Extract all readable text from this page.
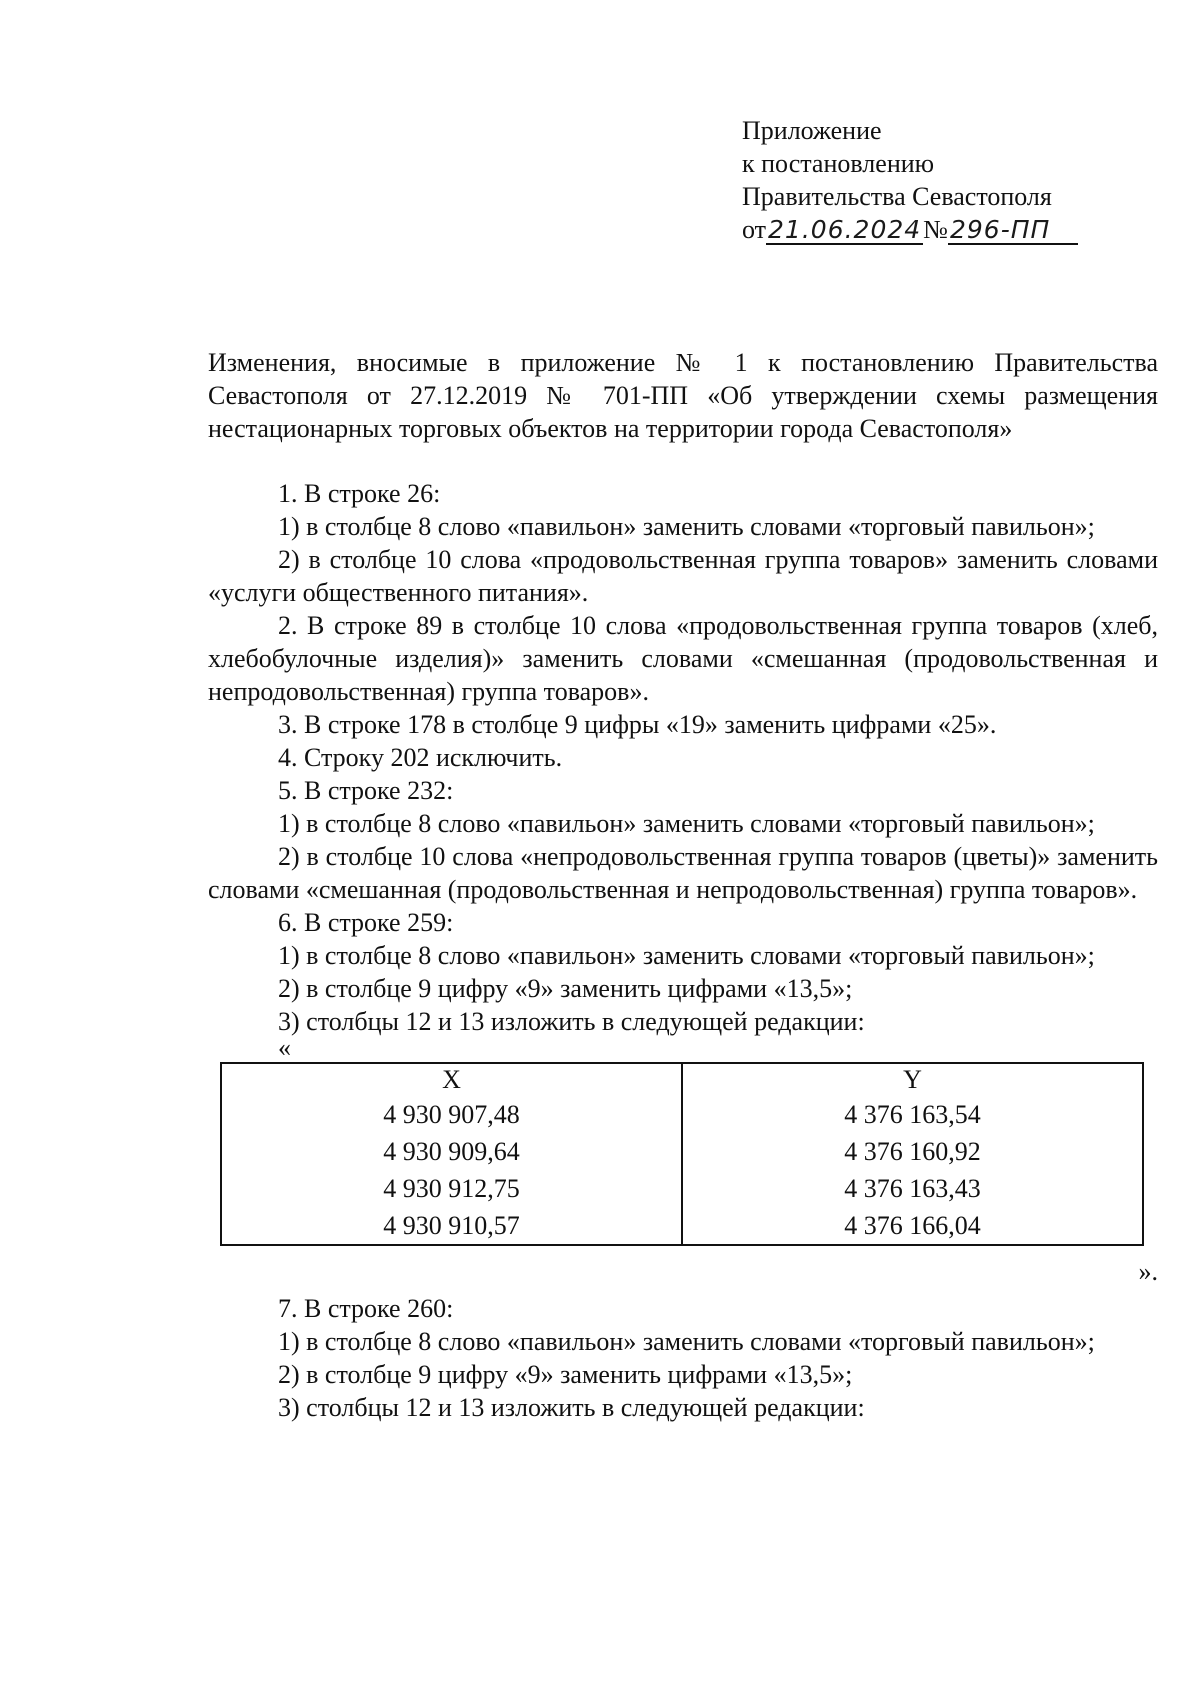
Приложение
к постановлению
Правительства Севастополя
от21.06.2024№296-ПП
Изменения, вносимые в приложение № 1 к постановлению Правительства Севастополя от 27.12.2019 № 701-ПП «Об утверждении схемы размещения нестационарных торговых объектов на территории города Севастополя»

1. В строке 26:

1) в столбце 8 слово «павильон» заменить словами «торговый павильон»;

2) в столбце 10 слова «продовольственная группа товаров» заменить словами «услуги общественного питания».

2. В строке 89 в столбце 10 слова «продовольственная группа товаров (хлеб, хлебобулочные изделия)» заменить словами «смешанная (продовольственная и непродовольственная) группа товаров».

3. В строке 178 в столбце 9 цифры «19» заменить цифрами «25».

4. Строку 202 исключить.

5. В строке 232:

1) в столбце 8 слово «павильон» заменить словами «торговый павильон»;

2) в столбце 10 слова «непродовольственная группа товаров (цветы)» заменить словами «смешанная (продовольственная и непродовольственная) группа товаров».

6. В строке 259:

1) в столбце 8 слово «павильон» заменить словами «торговый павильон»;

2) в столбце 9 цифру «9» заменить цифрами «13,5»;

3) столбцы 12 и 13 изложить в следующей редакции:

«

X	Y
4 930 907,48	4 376 163,54
4 930 909,64	4 376 160,92
4 930 912,75	4 376 163,43
4 930 910,57	4 376 166,04

».

7. В строке 260:

1) в столбце 8 слово «павильон» заменить словами «торговый павильон»;

2) в столбце 9 цифру «9» заменить цифрами «13,5»;

3) столбцы 12 и 13 изложить в следующей редакции:
